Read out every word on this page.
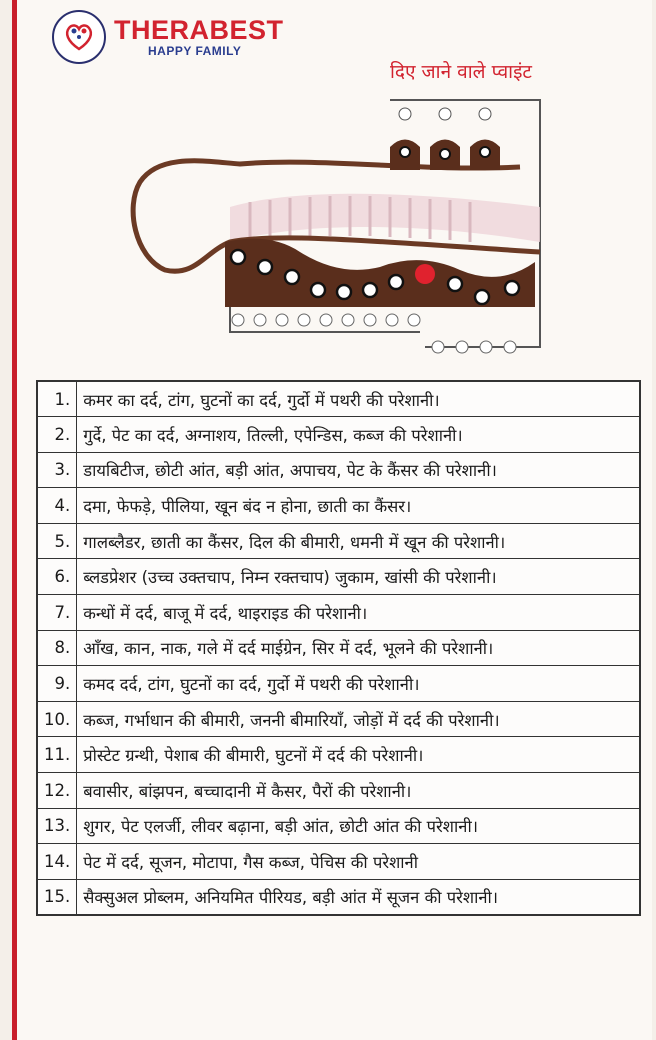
THERABEST
HAPPY FAMILY
दिए जाने वाले प्वाइंट
1.	कमर का दर्द, टांग, घुटनों का दर्द, गुर्दो में पथरी की परेशानी।
2.	गुर्दे, पेट का दर्द, अग्नाशय, तिल्ली, एपेन्डिस, कब्ज की परेशानी।
3.	डायबिटीज, छोटी आंत, बड़ी आंत, अपाचय, पेट के कैंसर की परेशानी।
4.	दमा, फेफड़े, पीलिया, खून बंद न होना, छाती का कैंसर।
5.	गालब्लैडर, छाती का कैंसर, दिल की बीमारी, धमनी में खून की परेशानी।
6.	ब्लडप्रेशर (उच्च उक्तचाप, निम्न रक्तचाप) जुकाम, खांसी की परेशानी।
7.	कन्धों में दर्द, बाजू में दर्द, थाइराइड की परेशानी।
8.	आँख, कान, नाक, गले में दर्द माईग्रेन, सिर में दर्द, भूलने की परेशानी।
9.	कमद दर्द, टांग, घुटनों का दर्द, गुर्दो में पथरी की परेशानी।
10.	कब्ज, गर्भाधान की बीमारी, जननी बीमारियाँ, जोड़ों में दर्द की परेशानी।
11.	प्रोस्टेट ग्रन्थी, पेशाब की बीमारी, घुटनों में दर्द की परेशानी।
12.	बवासीर, बांझपन, बच्चादानी में कैसर, पैरों की परेशानी।
13.	शुगर, पेट एलर्जी, लीवर बढ़ाना, बड़ी आंत, छोटी आंत की परेशानी।
14.	पेट में दर्द, सूजन, मोटापा, गैस कब्ज, पेचिस की परेशानी
15.	सैक्सुअल प्रोब्लम, अनियमित पीरियड, बड़ी आंत में सूजन की परेशानी।
